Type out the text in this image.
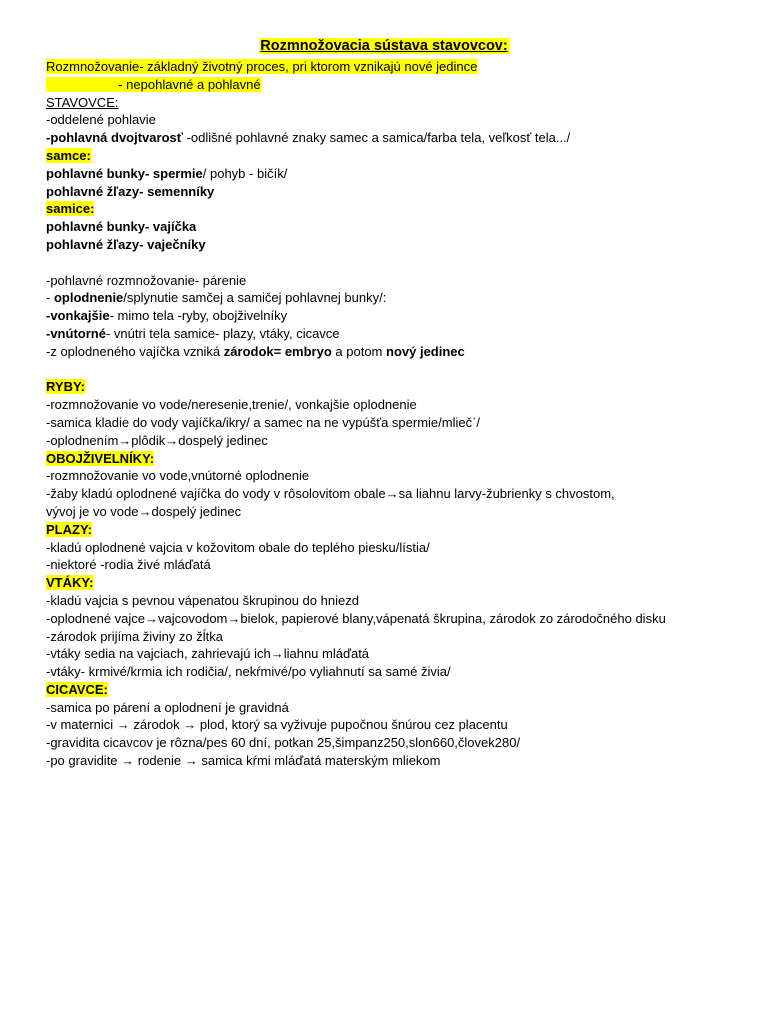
Rozmnožovacia sústava stavovcov:
Rozmnožovanie- základný životný proces, pri ktorom vznikajú nové jedince
- nepohlavné a pohlavné
STAVOVCE:
-oddelené pohlavie
-pohlavná dvojtvarosť -odlišné pohlavné znaky samec a samica/farba tela, veľkosť tela.../
samce:
pohlavné bunky- spermie/ pohyb - bičík/
pohlavné žľazy- semenníky
samice:
pohlavné bunky- vajíčka
pohlavné žľazy- vaječníky
-pohlavné rozmnožovanie- párenie
- oplodnenie/splynutie samčej a samičej pohlavnej bunky/:
-vonkajšie- mimo tela -ryby, obojživelníky
-vnútorné- vnútri tela samice- plazy, vtáky, cicavce
-z oplodneného vajíčka vzniká zárodok= embryo a potom nový jedinec
RYBY:
-rozmnožovanie vo vode/neresenie,trenie/, vonkajšie oplodnenie
-samica kladie do vody vajíčka/ikry/ a samec na ne vypúšťa spermie/mliečˊ/
-oplodnením→plôdik→dospelý jedinec
OBOJŽIVELNÍKY:
-rozmnožovanie vo vode,vnútorné oplodnenie
-žaby kladú oplodnené vajíčka do vody v rôsolovitom obale→sa liahnu larvy-žubrienky s chvostom,
vývoj je vo vode→dospelý jedinec
PLAZY:
-kladú oplodnené vajcia v kožovitom obale do teplého piesku/lístia/
-niektoré -rodia živé mláďatá
VTÁKY:
-kladú vajcia s pevnou vápenatou škrupinou do hniezd
-oplodnené vajce→vajcovodom→bielok, papierové blany,vápenatá škrupina, zárodok zo zárodočného disku
-zárodok prijíma živiny zo žĺtka
-vtáky sedia na vajciach, zahrievajú ich→liahnu mláďatá
-vtáky- krmivé/krmia ich rodičia/, nekŕmivé/po vyliahnutí sa samé živia/
CICAVCE:
-samica po párení a oplodnení je gravidná
-v maternici → zárodok → plod, ktorý sa vyživuje pupočnou šnúrou cez placentu
-gravidita cicavcov je rôzna/pes 60 dní, potkan 25,šimpanz250,slon660,človek280/
-po gravidite → rodenie → samica kŕmi mláďatá materským mliekom
